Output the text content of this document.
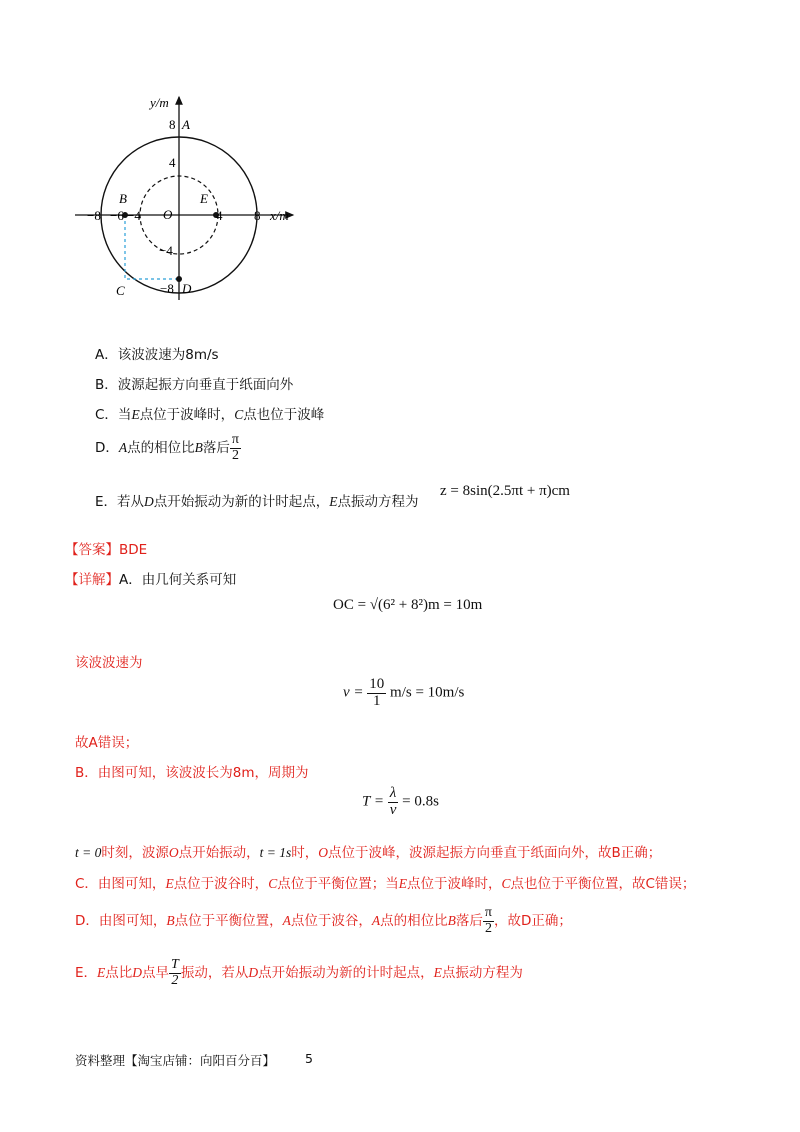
y/m
x/m
8 A
4
−4
−8 D
B	E
C
O
−8 −6 −4	4 8
A．该波波速为8m/s
B．波源起振方向垂直于纸面向外
C．当E点位于波峰时，C点也位于波峰
D．A点的相位比B落后 $\frac{\pi}{2}$
E．若从D点开始振动为新的计时起点，E点振动方程为
z = 8sin(2.5πt + π)cm
【答案】BDE
【详解】A．由几何关系可知
OC = √(6² + 8²)m = 10m
该波波速为
$v = \frac{10}{1} m/s = 10m/s$
故A错误；
B．由图可知，该波波长为8m，周期为
$T = \frac{\lambda}{v} = 0.8s$
t = 0时刻，波源O点开始振动，t = 1s时，O点位于波峰，波源起振方向垂直于纸面向外，故B正确；
C．由图可知，E点位于波谷时，C点位于平衡位置；当E点位于波峰时，C点也位于平衡位置，故C错误；
D．由图可知，B点位于平衡位置，A点位于波谷，A点的相位比B落后 $\frac{\pi}{2}$ ，故D正确；
E．E点比D点早 $\frac{T}{2}$ 振动，若从D点开始振动为新的计时起点，E点振动方程为
资料整理【淘宝店铺：向阳百分百】 5
